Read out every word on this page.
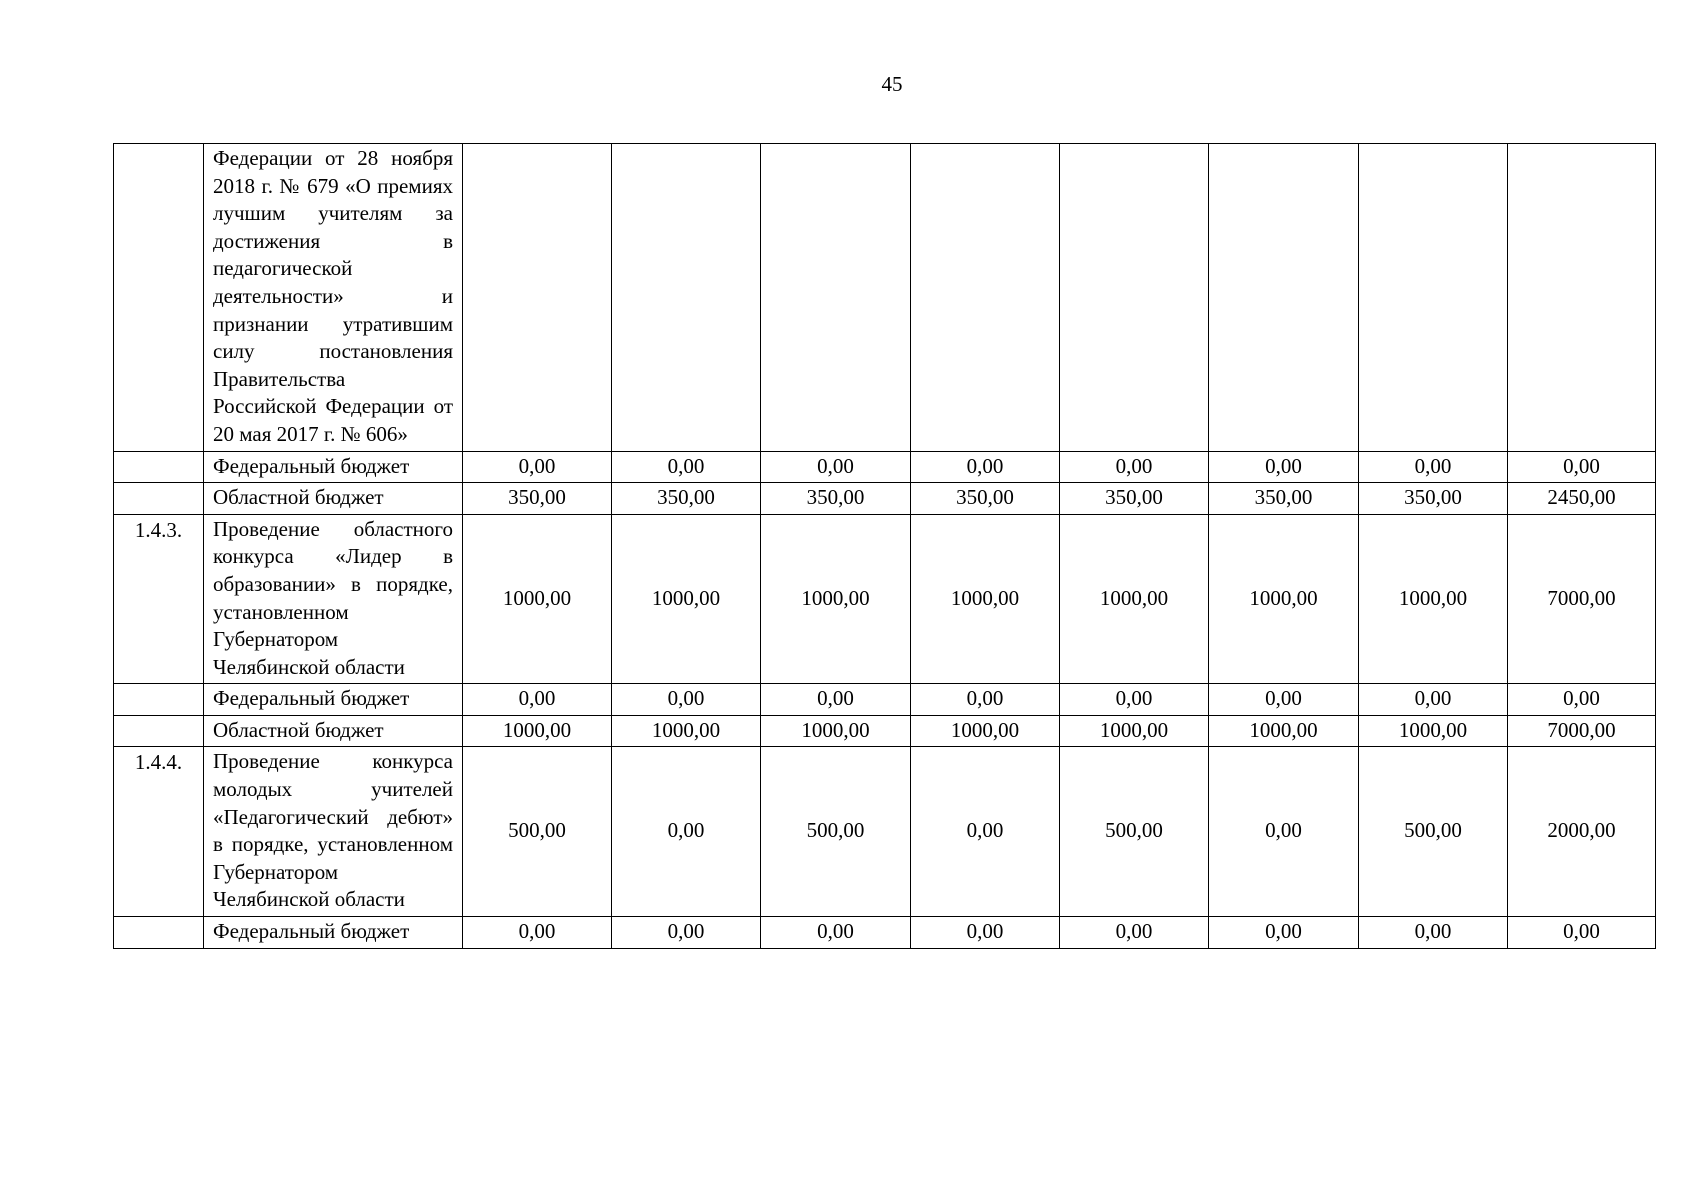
45
	Федерации от 28 ноября 2018 г. № 679 «О премиях лучшим учителям за достижения в педагогической деятельности» и признании утратившим силу постановления Правительства Российской Федерации от 20 мая 2017 г. № 606»								
	Федеральный бюджет	0,00	0,00	0,00	0,00	0,00	0,00	0,00	0,00
	Областной бюджет	350,00	350,00	350,00	350,00	350,00	350,00	350,00	2450,00
1.4.3.	Проведение областного конкурса «Лидер в образовании» в порядке, установленном Губернатором Челябинской области	1000,00	1000,00	1000,00	1000,00	1000,00	1000,00	1000,00	7000,00
	Федеральный бюджет	0,00	0,00	0,00	0,00	0,00	0,00	0,00	0,00
	Областной бюджет	1000,00	1000,00	1000,00	1000,00	1000,00	1000,00	1000,00	7000,00
1.4.4.	Проведение конкурса молодых учителей «Педагогический дебют» в порядке, установленном Губернатором Челябинской области	500,00	0,00	500,00	0,00	500,00	0,00	500,00	2000,00
	Федеральный бюджет	0,00	0,00	0,00	0,00	0,00	0,00	0,00	0,00
